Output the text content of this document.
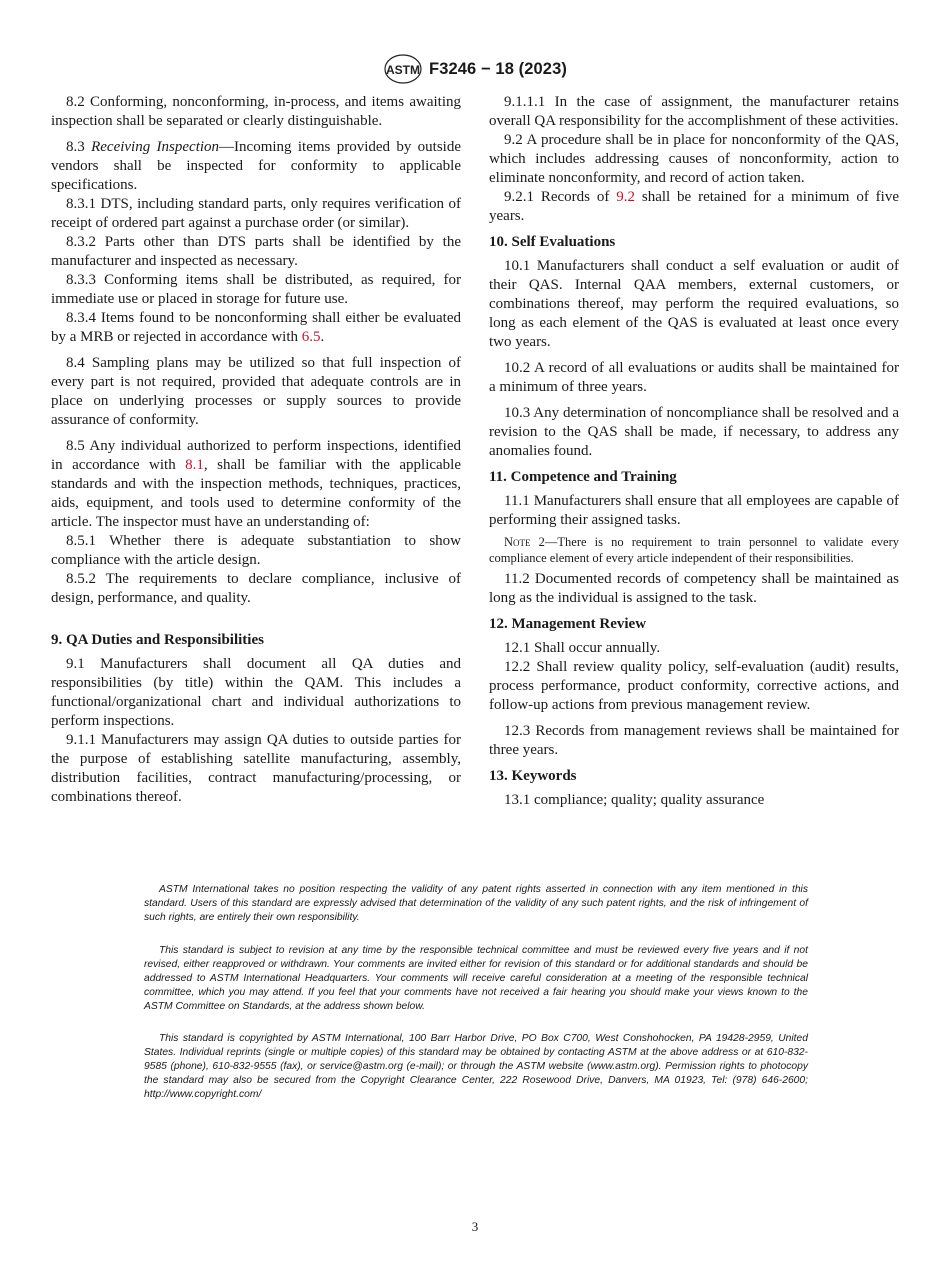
ASTM F3246 − 18 (2023)

8.2 Conforming, nonconforming, in-process, and items awaiting inspection shall be separated or clearly distinguishable.

8.3 Receiving Inspection—Incoming items provided by outside vendors shall be inspected for conformity to applicable specifications.

8.3.1 DTS, including standard parts, only requires verification of receipt of ordered part against a purchase order (or similar).

8.3.2 Parts other than DTS parts shall be identified by the manufacturer and inspected as necessary.

8.3.3 Conforming items shall be distributed, as required, for immediate use or placed in storage for future use.

8.3.4 Items found to be nonconforming shall either be evaluated by a MRB or rejected in accordance with 6.5.

8.4 Sampling plans may be utilized so that full inspection of every part is not required, provided that adequate controls are in place on underlying processes or supply sources to provide assurance of conformity.

8.5 Any individual authorized to perform inspections, identified in accordance with 8.1, shall be familiar with the applicable standards and with the inspection methods, techniques, practices, aids, equipment, and tools used to determine conformity of the article. The inspector must have an understanding of:

8.5.1 Whether there is adequate substantiation to show compliance with the article design.

8.5.2 The requirements to declare compliance, inclusive of design, performance, and quality.

9. QA Duties and Responsibilities

9.1 Manufacturers shall document all QA duties and responsibilities (by title) within the QAM. This includes a functional/organizational chart and individual authorizations to perform inspections.

9.1.1 Manufacturers may assign QA duties to outside parties for the purpose of establishing satellite manufacturing, assembly, distribution facilities, contract manufacturing/processing, or combinations thereof.

9.1.1.1 In the case of assignment, the manufacturer retains overall QA responsibility for the accomplishment of these activities.

9.2 A procedure shall be in place for nonconformity of the QAS, which includes addressing causes of nonconformity, action to eliminate nonconformity, and record of action taken.

9.2.1 Records of 9.2 shall be retained for a minimum of five years.

10. Self Evaluations

10.1 Manufacturers shall conduct a self evaluation or audit of their QAS. Internal QAA members, external customers, or combinations thereof, may perform the required evaluations, so long as each element of the QAS is evaluated at least once every two years.

10.2 A record of all evaluations or audits shall be maintained for a minimum of three years.

10.3 Any determination of noncompliance shall be resolved and a revision to the QAS shall be made, if necessary, to address any anomalies found.

11. Competence and Training

11.1 Manufacturers shall ensure that all employees are capable of performing their assigned tasks.

Note 2—There is no requirement to train personnel to validate every compliance element of every article independent of their responsibilities.

11.2 Documented records of competency shall be maintained as long as the individual is assigned to the task.

12. Management Review

12.1 Shall occur annually.

12.2 Shall review quality policy, self-evaluation (audit) results, process performance, product conformity, corrective actions, and follow-up actions from previous management review.

12.3 Records from management reviews shall be maintained for three years.

13. Keywords

13.1 compliance; quality; quality assurance

ASTM International takes no position respecting the validity of any patent rights asserted in connection with any item mentioned in this standard. Users of this standard are expressly advised that determination of the validity of any such patent rights, and the risk of infringement of such rights, are entirely their own responsibility.

This standard is subject to revision at any time by the responsible technical committee and must be reviewed every five years and if not revised, either reapproved or withdrawn. Your comments are invited either for revision of this standard or for additional standards and should be addressed to ASTM International Headquarters. Your comments will receive careful consideration at a meeting of the responsible technical committee, which you may attend. If you feel that your comments have not received a fair hearing you should make your views known to the ASTM Committee on Standards, at the address shown below.

This standard is copyrighted by ASTM International, 100 Barr Harbor Drive, PO Box C700, West Conshohocken, PA 19428-2959, United States. Individual reprints (single or multiple copies) of this standard may be obtained by contacting ASTM at the above address or at 610-832-9585 (phone), 610-832-9555 (fax), or service@astm.org (e-mail); or through the ASTM website (www.astm.org). Permission rights to photocopy the standard may also be secured from the Copyright Clearance Center, 222 Rosewood Drive, Danvers, MA 01923, Tel: (978) 646-2600; http://www.copyright.com/

3
